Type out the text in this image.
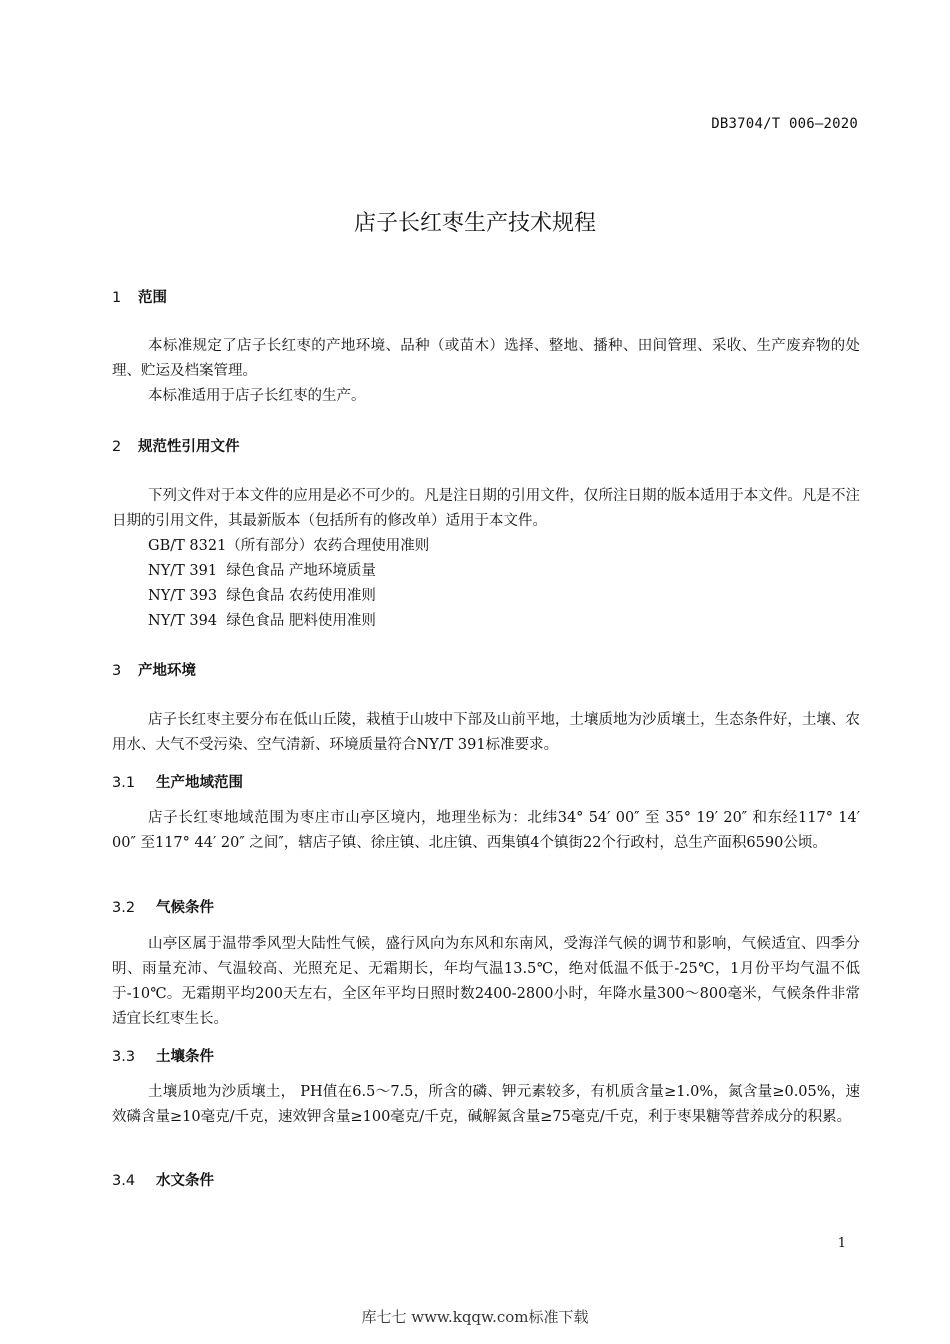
DB3704/T 006—2020
店子长红枣生产技术规程
1 范围
本标准规定了店子长红枣的产地环境、品种（或苗木）选择、整地、播种、田间管理、采收、生产废弃物的处理、贮运及档案管理。
本标准适用于店子长红枣的生产。
2 规范性引用文件
下列文件对于本文件的应用是必不可少的。凡是注日期的引用文件，仅所注日期的版本适用于本文件。凡是不注日期的引用文件，其最新版本（包括所有的修改单）适用于本文件。
GB/T 8321（所有部分）农药合理使用准则
NY/T 391  绿色食品 产地环境质量
NY/T 393  绿色食品 农药使用准则
NY/T 394  绿色食品 肥料使用准则
3 产地环境
店子长红枣主要分布在低山丘陵，栽植于山坡中下部及山前平地，土壤质地为沙质壤土，生态条件好，土壤、农用水、大气不受污染、空气清新、环境质量符合NY/T 391标准要求。
3.1 生产地域范围
店子长红枣地域范围为枣庄市山亭区境内，地理坐标为：北纬34° 54′ 00″ 至 35° 19′ 20″ 和东经117° 14′ 00″ 至117° 44′ 20″ 之间″，辖店子镇、徐庄镇、北庄镇、西集镇4个镇街22个行政村，总生产面积6590公顷。
3.2 气候条件
山亭区属于温带季风型大陆性气候，盛行风向为东风和东南风，受海洋气候的调节和影响，气候适宜、四季分明、雨量充沛、气温较高、光照充足、无霜期长，年均气温13.5℃，绝对低温不低于-25℃，1月份平均气温不低于-10℃。无霜期平均200天左右，全区年平均日照时数2400-2800小时，年降水量300～800毫米，气候条件非常适宜长红枣生长。
3.3 土壤条件
土壤质地为沙质壤土， PH值在6.5～7.5，所含的磷、钾元素较多，有机质含量≥1.0%，氮含量≥0.05%，速效磷含量≥10毫克/千克，速效钾含量≥100毫克/千克，碱解氮含量≥75毫克/千克，利于枣果糖等营养成分的积累。
3.4 水文条件
1
库七七 www.kqqw.com标准下载
